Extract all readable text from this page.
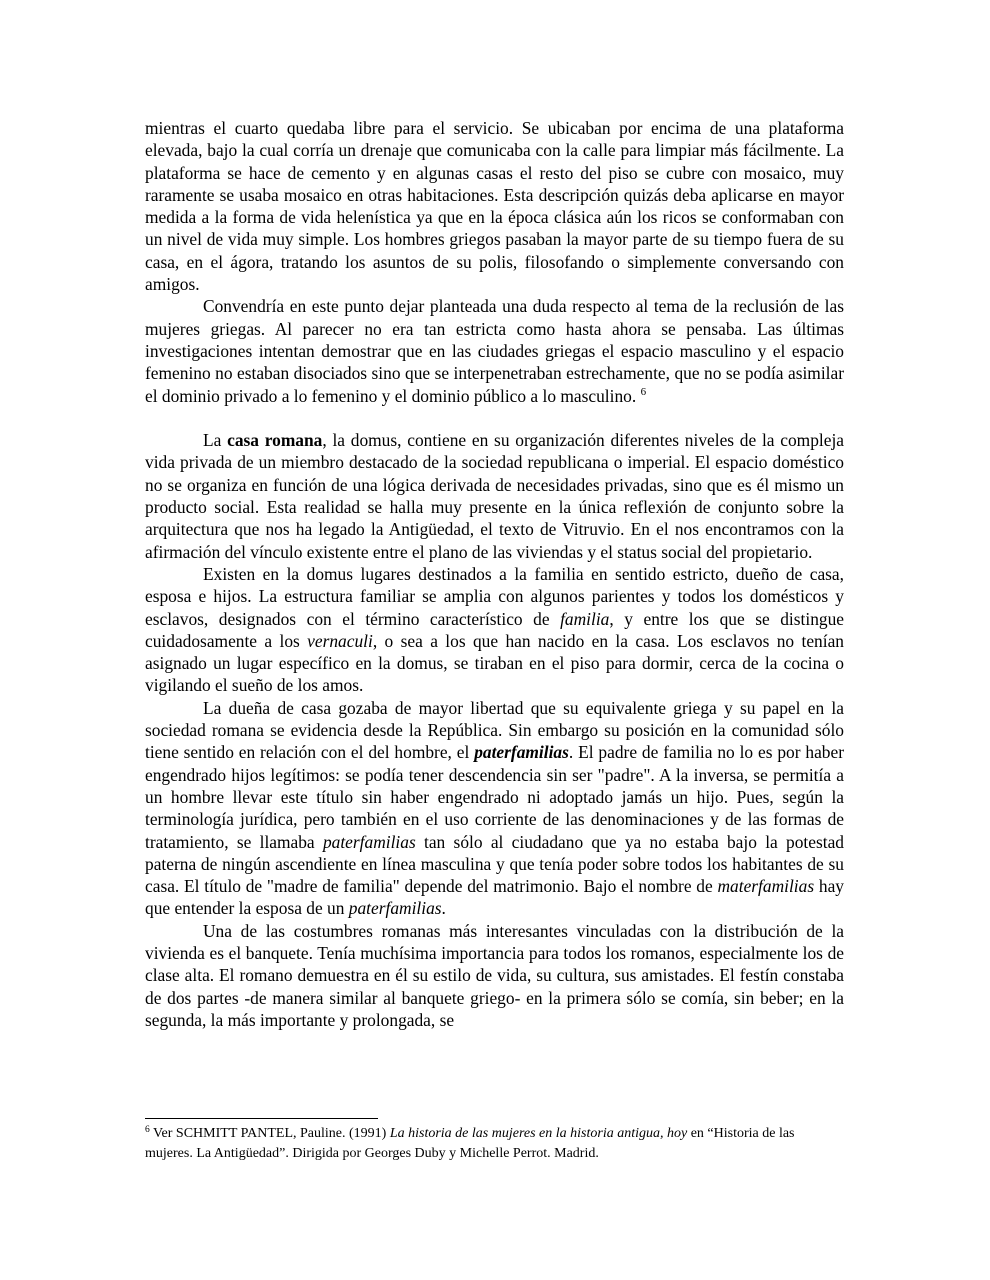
mientras el cuarto quedaba libre para el servicio. Se ubicaban por encima de una plataforma elevada, bajo la cual corría un drenaje que comunicaba con la calle para limpiar más fácilmente. La plataforma se hace de cemento y en algunas casas el resto del piso se cubre con mosaico, muy raramente se usaba mosaico en otras habitaciones. Esta descripción quizás deba aplicarse en mayor medida a la forma de vida helenística ya que en la época clásica aún los ricos se conformaban con un nivel de vida muy simple. Los hombres griegos pasaban la mayor parte de su tiempo fuera de su casa, en el ágora, tratando los asuntos de su polis, filosofando o simplemente conversando con amigos.

Convendría en este punto dejar planteada una duda respecto al tema de la reclusión de las mujeres griegas. Al parecer no era tan estricta como hasta ahora se pensaba. Las últimas investigaciones intentan demostrar que en las ciudades griegas el espacio masculino y el espacio femenino no estaban disociados sino que se interpenetraban estrechamente, que no se podía asimilar el dominio privado a lo femenino y el dominio público a lo masculino. $^6$

La casa romana, la domus, contiene en su organización diferentes niveles de la compleja vida privada de un miembro destacado de la sociedad republicana o imperial. El espacio doméstico no se organiza en función de una lógica derivada de necesidades privadas, sino que es él mismo un producto social. Esta realidad se halla muy presente en la única reflexión de conjunto sobre la arquitectura que nos ha legado la Antigüedad, el texto de Vitruvio. En el nos encontramos con la afirmación del vínculo existente entre el plano de las viviendas y el status social del propietario.

Existen en la domus lugares destinados a la familia en sentido estricto, dueño de casa, esposa e hijos. La estructura familiar se amplia con algunos parientes y todos los domésticos y esclavos, designados con el término característico de familia, y entre los que se distingue cuidadosamente a los vernaculi, o sea a los que han nacido en la casa. Los esclavos no tenían asignado un lugar específico en la domus, se tiraban en el piso para dormir, cerca de la cocina o vigilando el sueño de los amos.

La dueña de casa gozaba de mayor libertad que su equivalente griega y su papel en la sociedad romana se evidencia desde la República. Sin embargo su posición en la comunidad sólo tiene sentido en relación con el del hombre, el paterfamilias. El padre de familia no lo es por haber engendrado hijos legítimos: se podía tener descendencia sin ser "padre". A la inversa, se permitía a un hombre llevar este título sin haber engendrado ni adoptado jamás un hijo. Pues, según la terminología jurídica, pero también en el uso corriente de las denominaciones y de las formas de tratamiento, se llamaba paterfamilias tan sólo al ciudadano que ya no estaba bajo la potestad paterna de ningún ascendiente en línea masculina y que tenía poder sobre todos los habitantes de su casa. El título de "madre de familia" depende del matrimonio. Bajo el nombre de materfamilias hay que entender la esposa de un paterfamilias.

Una de las costumbres romanas más interesantes vinculadas con la distribución de la vivienda es el banquete. Tenía muchísima importancia para todos los romanos, especialmente los de clase alta. El romano demuestra en él su estilo de vida, su cultura, sus amistades. El festín constaba de dos partes -de manera similar al banquete griego- en la primera sólo se comía, sin beber; en la segunda, la más importante y prolongada, se

$^6$ Ver SCHMITT PANTEL, Pauline. (1991) La historia de las mujeres en la historia antigua, hoy en “Historia de las mujeres. La Antigüedad”. Dirigida por Georges Duby y Michelle Perrot. Madrid.
